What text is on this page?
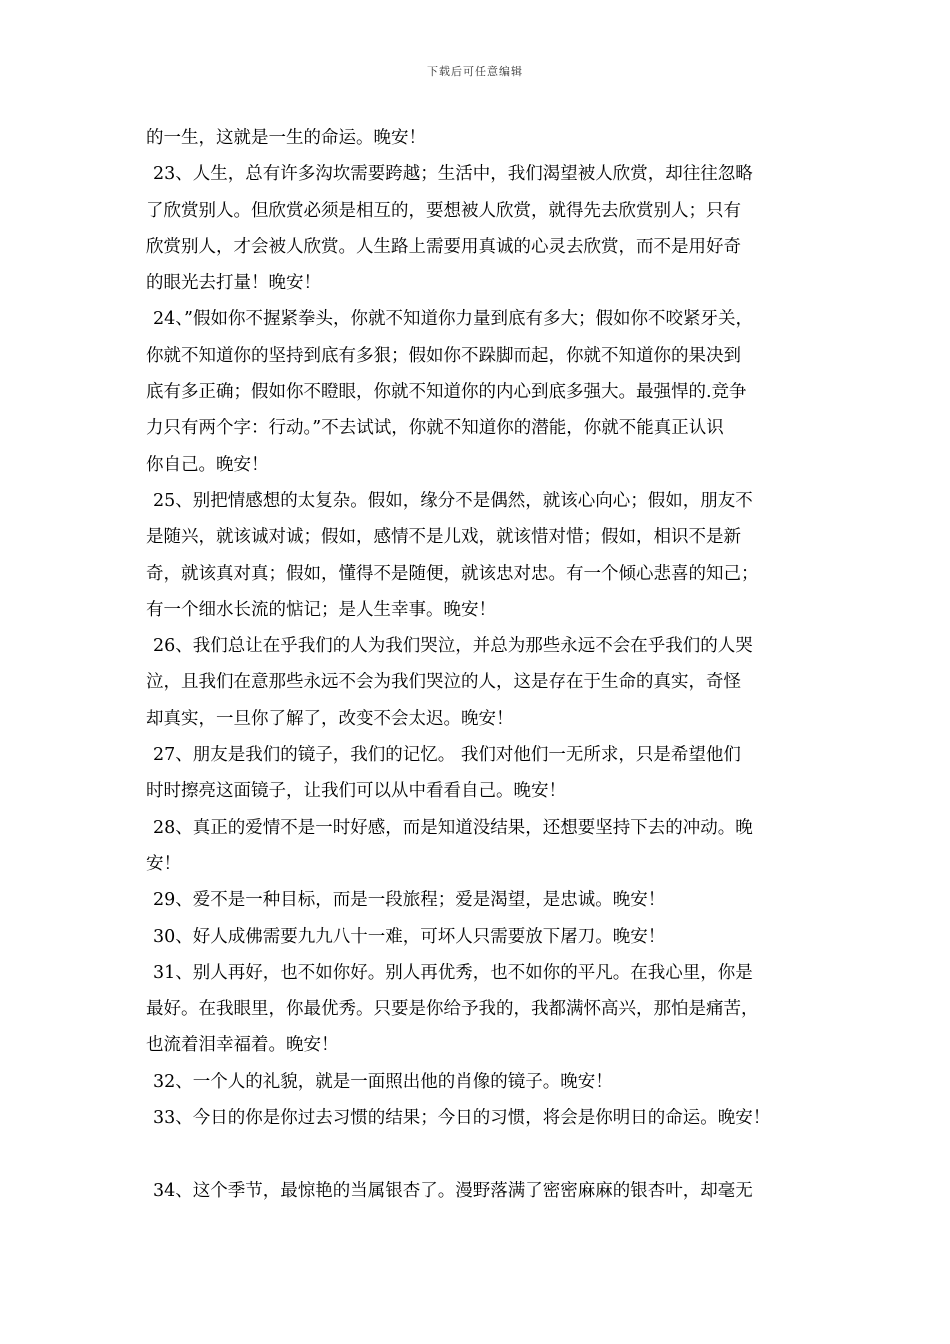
下载后可任意编辑
的一生，这就是一生的命运。晚安！
23、人生，总有许多沟坎需要跨越；生活中，我们渴望被人欣赏，却往往忽略
了欣赏别人。但欣赏必须是相互的，要想被人欣赏，就得先去欣赏别人；只有
欣赏别人，才会被人欣赏。人生路上需要用真诚的心灵去欣赏，而不是用好奇
的眼光去打量！晚安！
24、”假如你不握紧拳头，你就不知道你力量到底有多大；假如你不咬紧牙关，
你就不知道你的坚持到底有多狠；假如你不跺脚而起，你就不知道你的果决到
底有多正确；假如你不瞪眼，你就不知道你的内心到底多强大。最强悍的.竞争
力只有两个字：行动。”不去试试，你就不知道你的潜能，你就不能真正认识
你自己。晚安！
25、别把情感想的太复杂。假如，缘分不是偶然，就该心向心；假如，朋友不
是随兴，就该诚对诚；假如，感情不是儿戏，就该惜对惜；假如，相识不是新
奇，就该真对真；假如，懂得不是随便，就该忠对忠。有一个倾心悲喜的知己；
有一个细水长流的惦记；是人生幸事。晚安！
26、我们总让在乎我们的人为我们哭泣，并总为那些永远不会在乎我们的人哭
泣，且我们在意那些永远不会为我们哭泣的人，这是存在于生命的真实，奇怪
却真实，一旦你了解了，改变不会太迟。晚安！
27、朋友是我们的镜子，我们的记忆。 我们对他们一无所求，只是希望他们
时时擦亮这面镜子，让我们可以从中看看自己。晚安！
28、真正的爱情不是一时好感，而是知道没结果，还想要坚持下去的冲动。晚
安！
29、爱不是一种目标，而是一段旅程；爱是渴望，是忠诚。晚安！
30、好人成佛需要九九八十一难，可坏人只需要放下屠刀。晚安！
31、别人再好，也不如你好。别人再优秀，也不如你的平凡。在我心里，你是
最好。在我眼里，你最优秀。只要是你给予我的，我都满怀高兴，那怕是痛苦，
也流着泪幸福着。晚安！
32、一个人的礼貌，就是一面照出他的肖像的镜子。晚安！
33、今日的你是你过去习惯的结果；今日的习惯，将会是你明日的命运。晚安！
34、这个季节，最惊艳的当属银杏了。漫野落满了密密麻麻的银杏叶，却毫无
